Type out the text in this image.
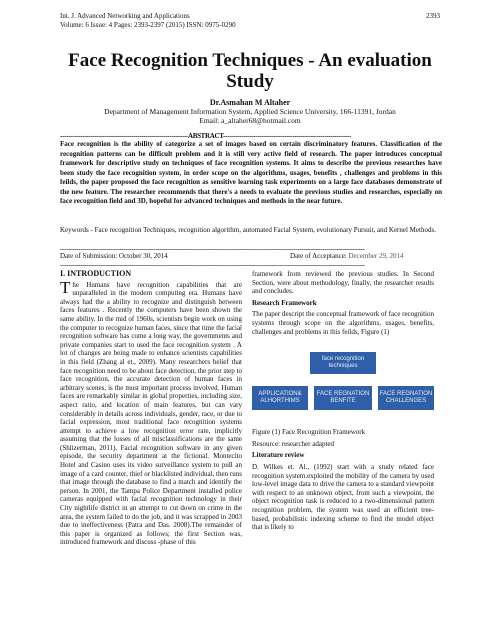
Int. J. Advanced Networking and Applications
Volume: 6 Issue: 4 Pages: 2393-2397 (2015) ISSN: 0975-0290
2393
Face Recognition Techniques - An evaluation Study
Dr.Asmahan M Altaher
Department of Management Information System, Applied Science University, 166-11391, Jordan
Email: a_altaher68@hotmail.com
---------------------------------------------------------------ABSTRACT---------------------------------------------------------------
Face recognition is the ability of categorize a set of images based on certain discriminatory features. Classification of the recognition patterns can be difficult problem and it is still very active field of research. The paper introduces conceptual framework for descriptive study on techniques of face recognition systems. It aims to describe the previous researches have been study the face recognition system, in order scope on the algorithms, usages, benefits , challenges and problems in this feilds, the paper proposed the face recognition as sensitive learning task experiments on a large face databases demonstrate of the new feature. The researcher recommends that there's a needs to evaluate the previous studies and researches, especially on face recognition field and 3D, hopeful for advanced techniques and methods in the near future.
Keywords - Face recognition Techniques, recognition algorithm, automated Facial System, evolutionary Pursuit, and Kernel Methods.
------------------------------------------------------------------------------------------------------------------------------------------------------
Date of Submission: October 30, 2014	Date of Acceptance: December 29, 2014
------------------------------------------------------------------------------------------------------------------------------------------------------
I. INTRODUCTION

The Humans have recognition capabilities that are unparalleled in the modern computing era. Humans have always had the a ability to recognize and distinguish between faces features . Recently the computers have been shown the same ability. In the mid of 1960s, scientists begin work on using the computer to recognize human faces, since that time the facial recognition software has come a long way, the governments and private companies start to used the face recognition system . A lot of changes are being made to enhance scientists capabilities in this field (Zhang al et., 2009). Many researchers belief that face recognition need to be about face detection, the prior step to face recognition, the accurate detection of human faces in arbitrary scenes, is the most important process involved. Human faces are remarkably similar in global properties, including size, aspect ratio, and location of main features, but can vary considerably in details across individuals, gender, race, or due to facial expression, most traditional face recognition systems attempt to achieve a low recognition error rate, implicitly assuming that the losses of all misclassifications are the same (Shlizerman, 2011). Facial recognition software in any given episode, the security department at the fictional. Montecito Hotel and Casino uses its video surveillance system to pull an image of a card counter, thief or blacklisted individual, then runs that image through the database to find a match and identify the person. In 2001, the Tampa Police Department installed police cameras equipped with facial recognition technology in their City nightlife district in an attempt to cut down on crime in the area, the system failed to do the job, and it was scrapped in 2003 due to ineffectiveness (Patra and Das. 2008).The remainder of this paper is organized as follows; the first Section was, introduced framework and discuss -phase of this

framework from reviewed the previous studies. In Second Section, were about methodology, finally, the researcher results and concludes.

Research Framework

The paper descript the conceptual framework of face recognition systems through scope on the algorithms, usages, benefits, challenges and problems in this feilds, Figure (1)

face recognition
techniques
APPLICATION&
ALHORTHIMS
FACE REGNATION
BENFITE
FACE REGNATION
CHALLENGES

Figure (1) Face Recognition Framework

Resource: researcher adapted

Literature review

D. Wilkes et. Al., (1992) start with a study related face recognition system.exploited the mobility of the camera by used low-level image data to drive the camera to a standard viewpoint with respect to an unknown object, from such a viewpoint, the object recognition task is reduced to a two-dimensional pattern recognition problem, the system was used an efficient tree-based, probabilistic indexing scheme to find the model object that is likely to
